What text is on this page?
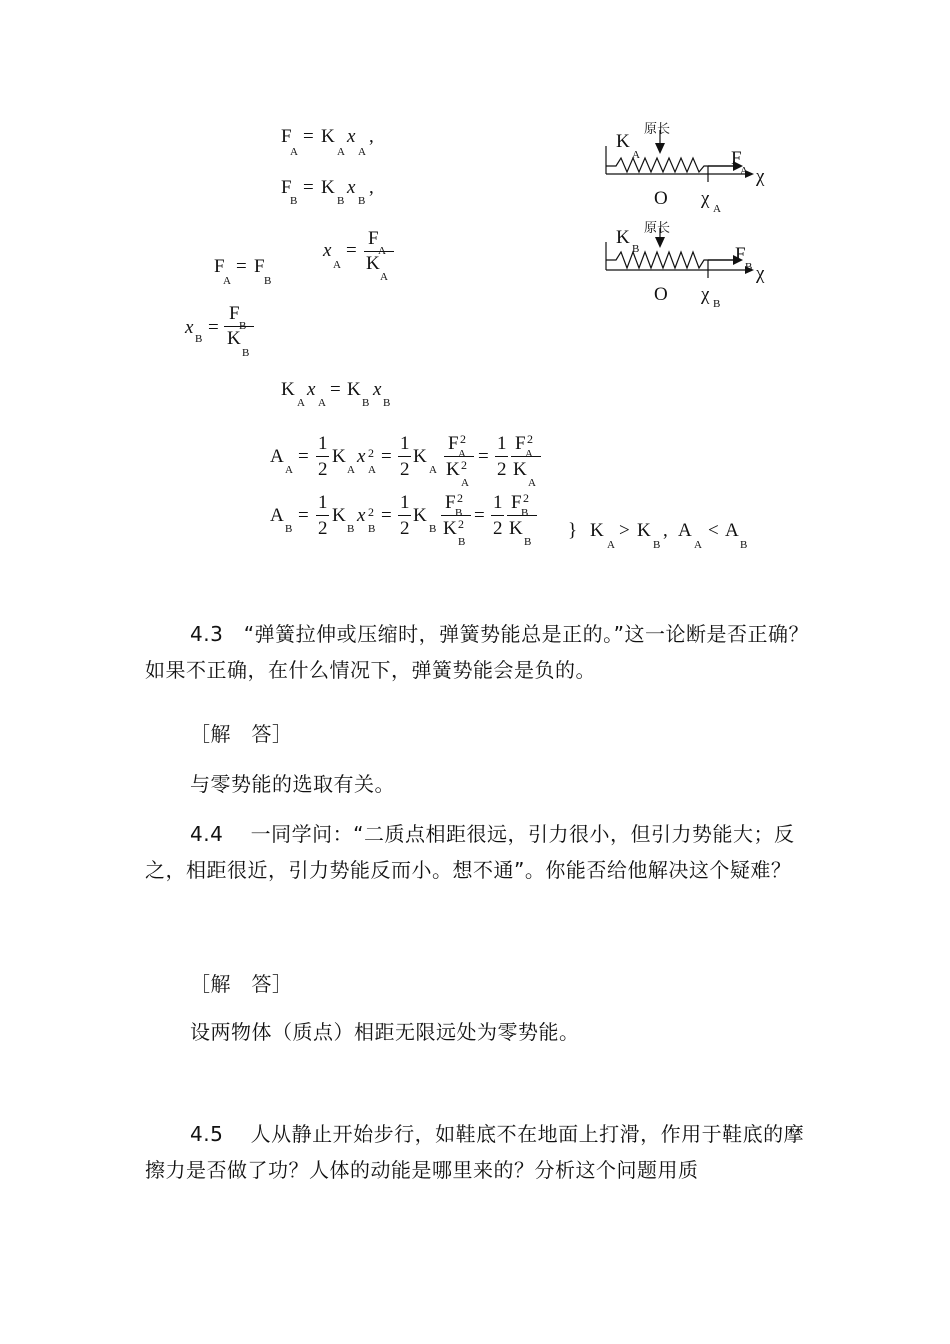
F
A
= K
A
x
A
,
F
B
= K
B
x
B
,
x
A
=
F
A
K
A
F
A
= F
B
x
B
=
F
B
K
B
K
A
x
A
= K
B
x
B
A
A
=
1
2
K
A
x 2
A
=
1
2
K
A
F 2
A
K 2
A
=
1
2
F 2
A
K
A
A
B
=
1
2
K
B
x 2
B
=
1
2
K
B
F 2
B
K 2
B
=
1
2
F 2
B
K
B
} K
A
> K
B
, A
A
< A
B
K
A
原长
F
A χ
O χ A
K
B
原长
F
B χ
O χ B
4.3　“弹簧拉伸或压缩时，弹簧势能总是正的。”这一论断是否正确？如果不正确，在什么情况下，弹簧势能会是负的。
［解　答］
与零势能的选取有关。
4.4　 一同学问：“二质点相距很远，引力很小，但引力势能大；反之，相距很近，引力势能反而小。想不通”。你能否给他解决这个疑难？
［解　答］
设两物体（质点）相距无限远处为零势能。
4.5　 人从静止开始步行，如鞋底不在地面上打滑，作用于鞋底的摩擦力是否做了功？人体的动能是哪里来的？分析这个问题用质
